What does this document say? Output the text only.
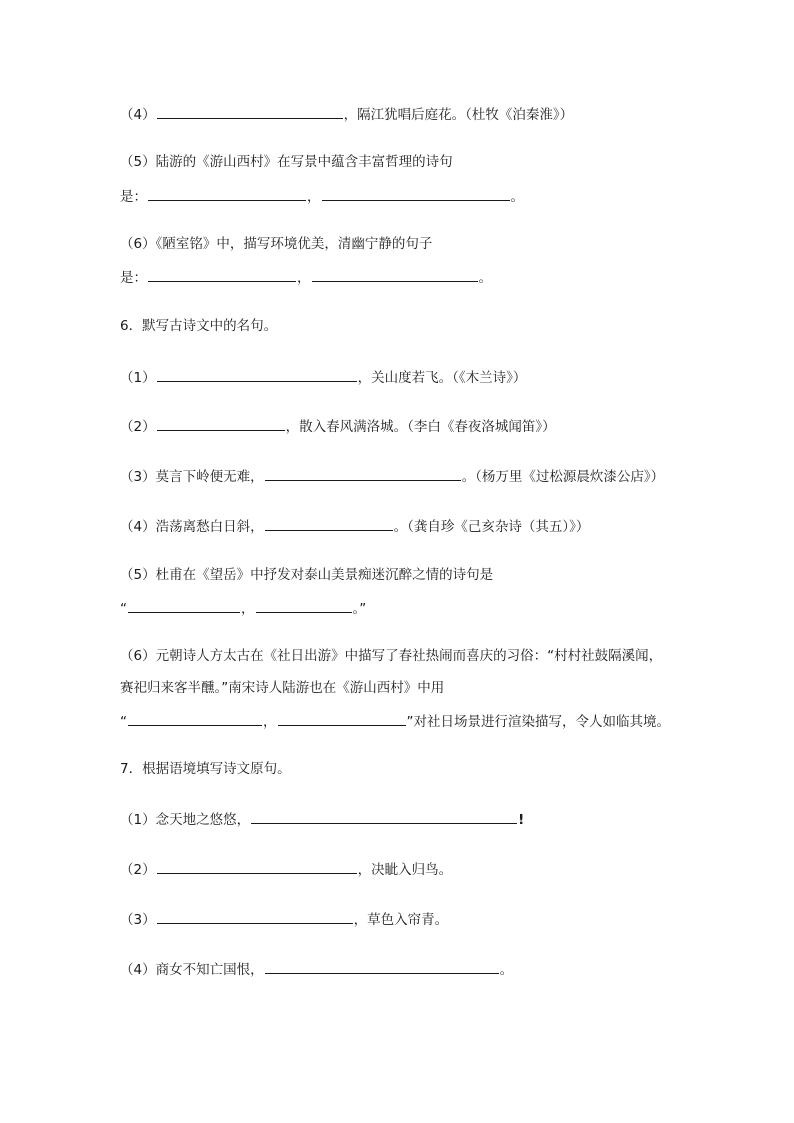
（4）	，隔江犹唱后庭花。（杜牧《泊秦淮》）
（5）陆游的《游山西村》在写景中蕴含丰富哲理的诗句
是：	，	。
（6）《陋室铭》中，描写环境优美，清幽宁静的句子
是：	，	。
6．默写古诗文中的名句。
（1）	，关山度若飞。（《木兰诗》）
（2）	，散入春风满洛城。（李白《春夜洛城闻笛》）
（3）莫言下岭便无难，	。（杨万里《过松源晨炊漆公店》）
（4）浩荡离愁白日斜，	。（龚自珍《己亥杂诗（其五）》）
（5）杜甫在《望岳》中抒发对泰山美景痴迷沉醉之情的诗句是
“	，	。”
（6）元朝诗人方太古在《社日出游》中描写了春社热闹而喜庆的习俗：“村村社鼓隔溪闻，
赛祀归来客半醺。”南宋诗人陆游也在《游山西村》中用
“	，	”对社日场景进行渲染描写，令人如临其境。
7．根据语境填写诗文原句。
（1）念天地之悠悠，	!
（2）	，决眦入归鸟。
（3）	，草色入帘青。
（4）商女不知亡国恨，	。
